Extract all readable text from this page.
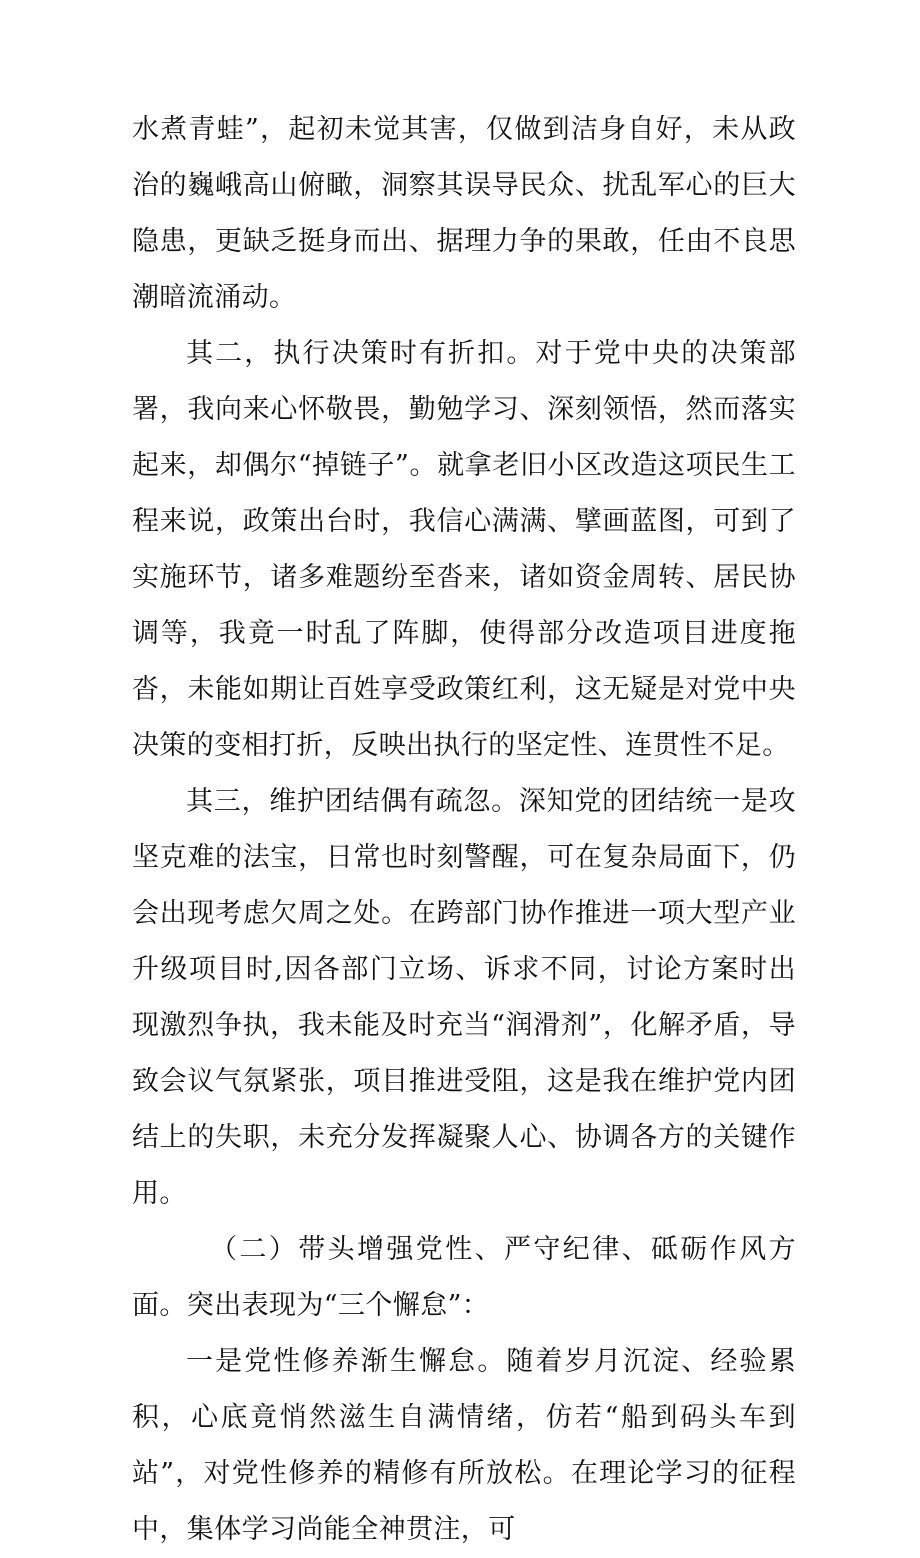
水煮青蛙”，起初未觉其害，仅做到洁身自好，未从政治的巍峨高山俯瞰，洞察其误导民众、扰乱军心的巨大隐患，更缺乏挺身而出、据理力争的果敢，任由不良思潮暗流涌动。

其二，执行决策时有折扣。对于党中央的决策部署，我向来心怀敬畏，勤勉学习、深刻领悟，然而落实起来，却偶尔“掉链子”。就拿老旧小区改造这项民生工程来说，政策出台时，我信心满满、擘画蓝图，可到了实施环节，诸多难题纷至沓来，诸如资金周转、居民协调等，我竟一时乱了阵脚，使得部分改造项目进度拖沓，未能如期让百姓享受政策红利，这无疑是对党中央决策的变相打折，反映出执行的坚定性、连贯性不足。

其三，维护团结偶有疏忽。深知党的团结统一是攻坚克难的法宝，日常也时刻警醒，可在复杂局面下，仍会出现考虑欠周之处。在跨部门协作推进一项大型产业升级项目时,因各部门立场、诉求不同，讨论方案时出现激烈争执，我未能及时充当“润滑剂”，化解矛盾，导致会议气氛紧张，项目推进受阻，这是我在维护党内团结上的失职，未充分发挥凝聚人心、协调各方的关键作用。

（二）带头增强党性、严守纪律、砥砺作风方面。突出表现为“三个懈怠”：

一是党性修养渐生懈怠。随着岁月沉淀、经验累积，心底竟悄然滋生自满情绪，仿若“船到码头车到站”，对党性修养的精修有所放松。在理论学习的征程中，集体学习尚能全神贯注，可
